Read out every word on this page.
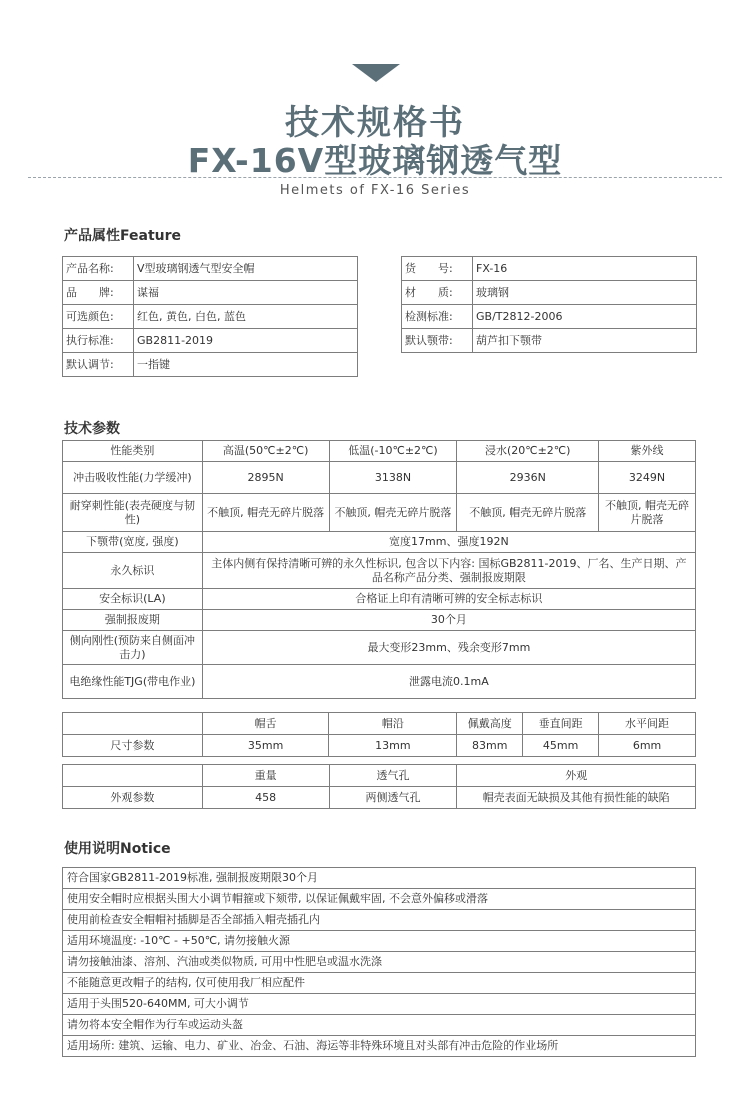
技术规格书
FX-16V型玻璃钢透气型
Helmets of FX-16 Series
产品属性Feature
产品名称:	V型玻璃钢透气型安全帽
品　　牌:	谋福
可选颜色:	红色, 黄色, 白色, 蓝色
执行标准:	GB2811-2019
默认调节:	一指键
货　　号:	FX-16
材　　质:	玻璃钢
检测标准:	GB/T2812-2006
默认颚带:	葫芦扣下颚带
技术参数
性能类别	高温(50℃±2℃)	低温(-10℃±2℃)	浸水(20℃±2℃)	紫外线
冲击吸收性能(力学缓冲)	2895N	3138N	2936N	3249N
耐穿刺性能(表壳硬度与韧性)	不触顶, 帽壳无碎片脱落	不触顶, 帽壳无碎片脱落	不触顶, 帽壳无碎片脱落	不触顶, 帽壳无碎片脱落
下颚带(宽度, 强度)	宽度17mm、强度192N			
永久标识	主体内侧有保持清晰可辨的永久性标识, 包含以下内容: 国标GB2811-2019、厂名、生产日期、产品名称产品分类、强制报废期限			
安全标识(LA)	合格证上印有清晰可辨的安全标志标识			
强制报废期	30个月			
侧向刚性(预防来自侧面冲击力)	最大变形23mm、残余变形7mm			
电绝缘性能TJG(带电作业)	泄露电流0.1mA			
	帽舌	帽沿	佩戴高度	垂直间距	水平间距
尺寸参数	35mm	13mm	83mm	45mm	6mm
	重量	透气孔	外观
外观参数	458	两侧透气孔	帽壳表面无缺损及其他有损性能的缺陷
使用说明Notice
符合国家GB2811-2019标准, 强制报废期限30个月
使用安全帽时应根据头围大小调节帽箍或下颏带, 以保证佩戴牢固, 不会意外偏移或滑落
使用前检查安全帽帽衬插脚是否全部插入帽壳插孔内
适用环境温度: -10℃ - +50℃, 请勿接触火源
请勿接触油漆、溶剂、汽油或类似物质, 可用中性肥皂或温水洗涤
不能随意更改帽子的结构, 仅可使用我厂相应配件
适用于头围520-640MM, 可大小调节
请勿将本安全帽作为行车或运动头盔
适用场所: 建筑、运输、电力、矿业、冶金、石油、海运等非特殊环境且对头部有冲击危险的作业场所
